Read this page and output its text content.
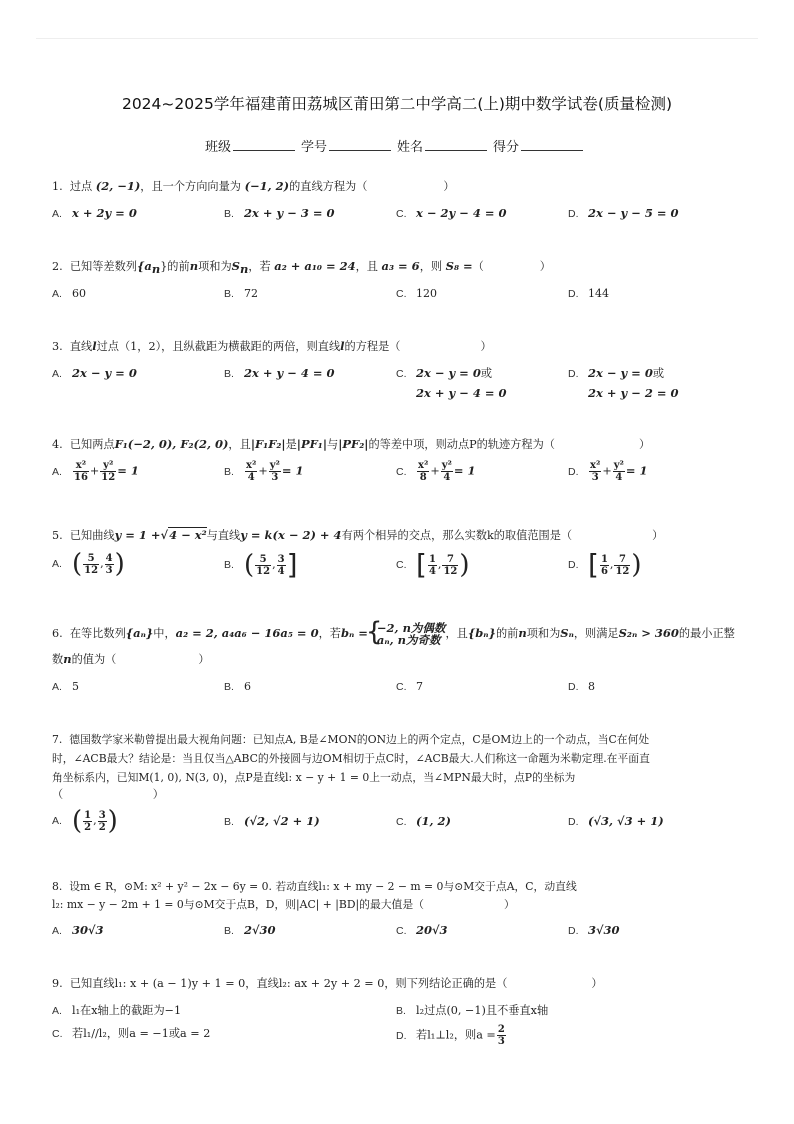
2024~2025学年福建莆田荔城区莆田第二中学高二(上)期中数学试卷(质量检测)
班级	学号	姓名	得分
1. 过点 (2, −1)，且一个方向向量为 (−1, 2)的直线方程为（	）
A. x + 2y = 0	B. 2x + y − 3 = 0	C. x − 2y − 4 = 0	D. 2x − y − 5 = 0
2. 已知等差数列$\{a_n\}$的前n项和为$S_n$，若 a₂ + a₁₀ = 24，且 a₃ = 6，则 S₈ =（　　　　　）
A. 60	B. 72	C. 120	D. 144
3. 直线l过点（1，2），且纵截距为横截距的两倍，则直线l的方程是（	）
A. 2x − y = 0	B. 2x + y − 4 = 0	C. 2x − y = 0或
2x + y − 4 = 0
D. 2x − y = 0或
2x + y − 2 = 0
4. 已知两点F₁(−2, 0), F₂(2, 0)，且|F₁F₂|是|PF₁|与|PF₂|的等差中项，则动点P的轨迹方程为（	）
A. $\frac{\text{x²}}{16} + \frac{\text{y²}}{12} = 1$	B. $\frac{\text{x²}}{4} + \frac{\text{y²}}{3} = 1$	C. $\frac{\text{x²}}{8} + \frac{\text{y²}}{4} = 1$	D. $\frac{\text{x²}}{3} + \frac{\text{y²}}{4} = 1$
5. 已知曲线y = 1 +√4 − x²与直线y = k(x − 2) + 4有两个相异的交点，那么实数k的取值范围是（	）
A. ( $\frac{5}{12}$ , $\frac{4}{3}$ )	B. ( $\frac{5}{12}$ , $\frac{3}{4}$ ]	C. [ $\frac{1}{4}$ , $\frac{7}{12}$ )	D. [ $\frac{1}{6}$ , $\frac{7}{12}$ )
6. 在等比数列{aₙ}中，a₂ = 2, a₄a₆ − 16a₅ = 0，若bₙ =
{ −2, n为偶数
aₙ, n为奇数 ，且{bₙ}的前n项和为Sₙ，则满足S₂ₙ > 360的最小正整
数n的值为（	）
A. 5	B. 6	C. 7	D. 8
7. 德国数学家米勒曾提出最大视角问题：已知点A, B是∠MON的ON边上的两个定点，C是OM边上的一个动点，当C在何处
时，∠ACB最大？结论是：当且仅当△ABC的外接圆与边OM相切于点C时，∠ACB最大.人们称这一命题为米勒定理.在平面直
角坐标系内，已知M(1, 0), N(3, 0)，点P是直线l: x − y + 1 = 0上一动点，当∠MPN最大时，点P的坐标为
（　　　　　　　　）
A. ( $\frac{1}{2}$ , $\frac{3}{2}$ )	B. (√2, √2 + 1)	C. (1, 2)	D. (√3, √3 + 1)
8. 设m ∈ R，⊙M: x² + y² − 2x − 6y = 0. 若动直线l₁: x + my − 2 − m = 0与⊙M交于点A，C，动直线
l₂: mx − y − 2m + 1 = 0与⊙M交于点B，D，则|AC| + |BD|的最大值是（	）
A. 30√3	B. 2√30	C. 20√3	D. 3√30
9. 已知直线l₁: x + (a − 1)y + 1 = 0，直线l₂: ax + 2y + 2 = 0，则下列结论正确的是（	）
A. l₁在x轴上的截距为−1	B. l₂过点(0, −1)且不垂直x轴
C. 若l₁//l₂，则a = −1或a = 2	D. 若l₁⊥l₂，则$a = \frac{2}{3}$
